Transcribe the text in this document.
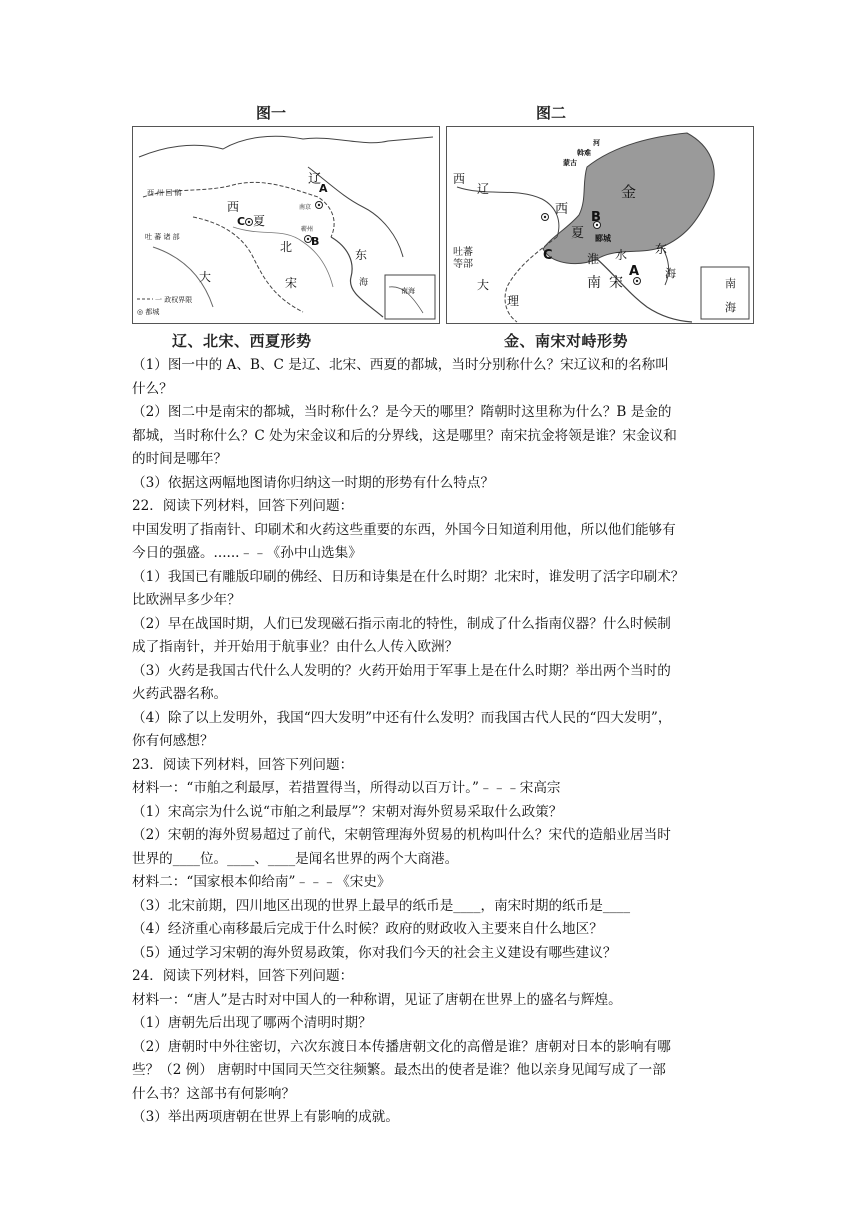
图一
一 政权界限
◎ 都城
西 州 回 鹘
吐 蕃 诸 部
南京
蕲州
南海
辽
A
西
夏
C
B
北
宋
东
海
大
辽、北宋、西夏形势
图二
河
斡难
蒙古
西
辽	金
西
夏
B
郾城
吐蕃
等部
C	淮 水 东
南 宋
A 海
大
理
南
海
金、南宋对峙形势

（1）图一中的 A、B、C 是辽、北宋、西夏的都城，当时分别称什么？宋辽议和的名称叫

什么？

（2）图二中是南宋的都城，当时称什么？是今天的哪里？隋朝时这里称为什么？B 是金的

都城，当时称什么？C 处为宋金议和后的分界线，这是哪里？南宋抗金将领是谁？宋金议和

的时间是哪年？

（3）依据这两幅地图请你归纳这一时期的形势有什么特点？

22．阅读下列材料，回答下列问题：

中国发明了指南针、印刷术和火药这些重要的东西，外国今日知道利用他，所以他们能够有

今日的强盛。......﹣﹣《孙中山选集》

（1）我国已有雕版印刷的佛经、日历和诗集是在什么时期？北宋时，谁发明了活字印刷术？

比欧洲早多少年？

（2）早在战国时期，人们已发现磁石指示南北的特性，制成了什么指南仪器？什么时候制

成了指南针，并开始用于航事业？由什么人传入欧洲？

（3）火药是我国古代什么人发明的？火药开始用于军事上是在什么时期？举出两个当时的

火药武器名称。

（4）除了以上发明外，我国“四大发明”中还有什么发明？而我国古代人民的“四大发明”，

你有何感想？

23．阅读下列材料，回答下列问题：

材料一：“市舶之利最厚，若措置得当，所得动以百万计。”﹣﹣﹣宋高宗

（1）宋高宗为什么说“市舶之利最厚”？宋朝对海外贸易采取什么政策？

（2）宋朝的海外贸易超过了前代，宋朝管理海外贸易的机构叫什么？宋代的造船业居当时

世界的____位。____、____是闻名世界的两个大商港。

材料二：“国家根本仰给南”﹣﹣﹣《宋史》

（3）北宋前期，四川地区出现的世界上最早的纸币是____，南宋时期的纸币是____

（4）经济重心南移最后完成于什么时候？政府的财政收入主要来自什么地区？

（5）通过学习宋朝的海外贸易政策，你对我们今天的社会主义建设有哪些建议？

24．阅读下列材料，回答下列问题：

材料一：“唐人”是古时对中国人的一种称谓，见证了唐朝在世界上的盛名与辉煌。

（1）唐朝先后出现了哪两个清明时期？

（2）唐朝时中外往密切，六次东渡日本传播唐朝文化的高僧是谁？唐朝对日本的影响有哪

些？（2 例） 唐朝时中国同天竺交往频繁。最杰出的使者是谁？他以亲身见闻写成了一部

什么书？这部书有何影响？

（3）举出两项唐朝在世界上有影响的成就。
